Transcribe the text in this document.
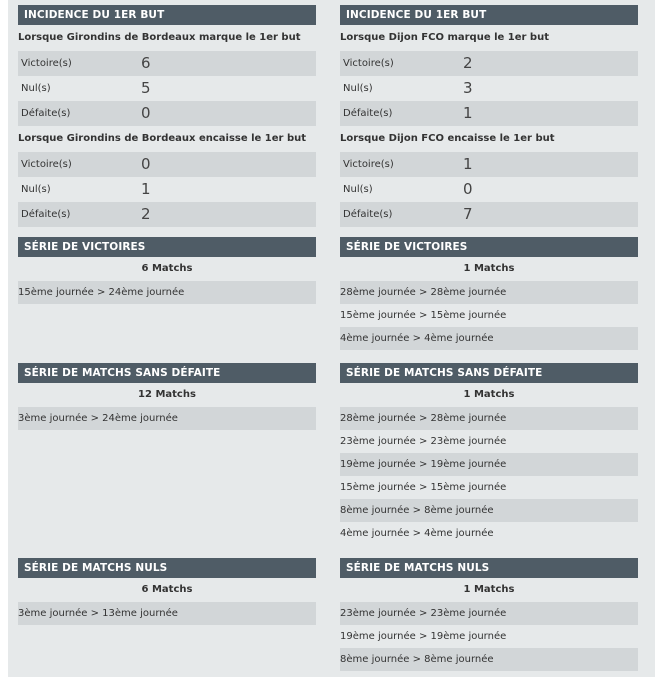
INCIDENCE DU 1ER BUT
Lorsque Girondins de Bordeaux marque le 1er but
Victoire(s)	6
Nul(s)	5
Défaite(s)	0
Lorsque Girondins de Bordeaux encaisse le 1er but
Victoire(s)	0
Nul(s)	1
Défaite(s)	2
SÉRIE DE VICTOIRES
6 Matchs
15ème journée > 24ème journée
SÉRIE DE MATCHS SANS DÉFAITE
12 Matchs
3ème journée > 24ème journée
SÉRIE DE MATCHS NULS
6 Matchs
3ème journée > 13ème journée
INCIDENCE DU 1ER BUT
Lorsque Dijon FCO marque le 1er but
Victoire(s)	2
Nul(s)	3
Défaite(s)	1
Lorsque Dijon FCO encaisse le 1er but
Victoire(s)	1
Nul(s)	0
Défaite(s)	7
SÉRIE DE VICTOIRES
1 Matchs
28ème journée > 28ème journée
15ème journée > 15ème journée
4ème journée > 4ème journée
SÉRIE DE MATCHS SANS DÉFAITE
1 Matchs
28ème journée > 28ème journée
23ème journée > 23ème journée
19ème journée > 19ème journée
15ème journée > 15ème journée
8ème journée > 8ème journée
4ème journée > 4ème journée
SÉRIE DE MATCHS NULS
1 Matchs
23ème journée > 23ème journée
19ème journée > 19ème journée
8ème journée > 8ème journée
